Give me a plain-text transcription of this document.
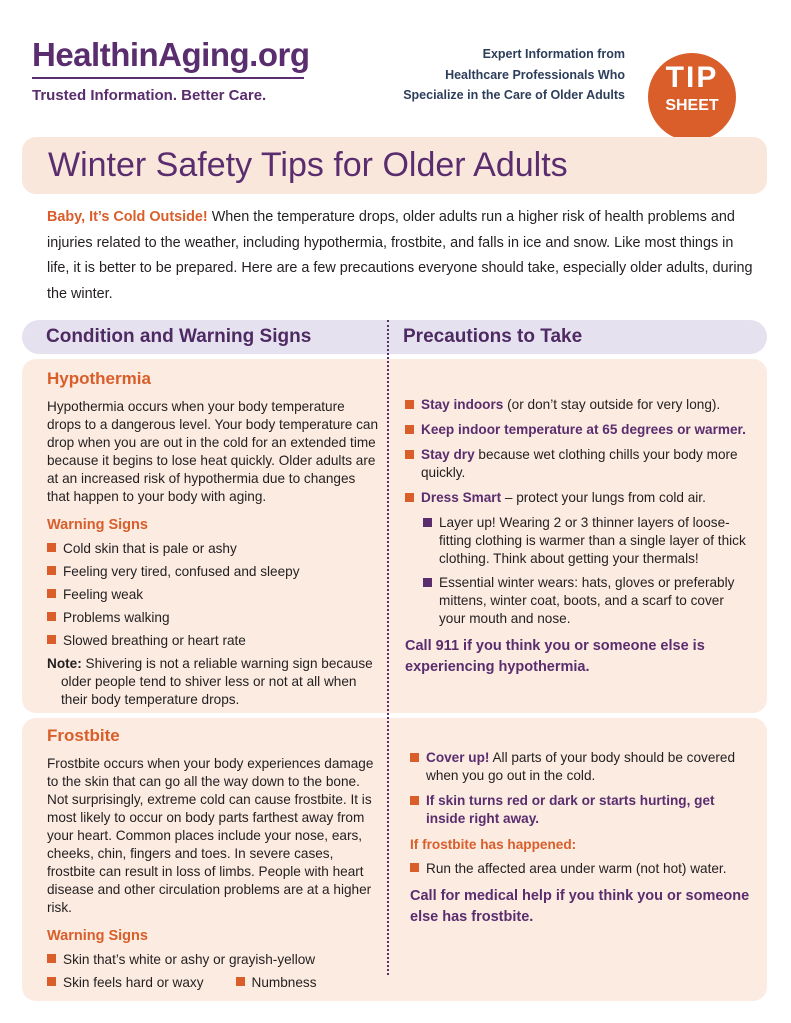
HealthinAging.org
Trusted Information. Better Care.
Expert Information from
Healthcare Professionals Who
Specialize in the Care of Older Adults
TIP
SHEET
Winter Safety Tips for Older Adults
Baby, It’s Cold Outside! When the temperature drops, older adults run a higher risk of health problems and injuries related to the weather, including hypothermia, frostbite, and falls in ice and snow. Like most things in life, it is better to be prepared. Here are a few precautions everyone should take, especially older adults, during the winter.
Condition and Warning Signs	Precautions to Take
Hypothermia

Hypothermia occurs when your body temperature drops to a dangerous level. Your body temperature can drop when you are out in the cold for an extended time because it begins to lose heat quickly. Older adults are at an increased risk of hypothermia due to changes that happen to your body with aging.

Warning Signs
Cold skin that is pale or ashy
Feeling very tired, confused and sleepy
Feeling weak
Problems walking
Slowed breathing or heart rate
Note: Shivering is not a reliable warning sign because older people tend to shiver less or not at all when their body temperature drops.
Stay indoors (or don’t stay outside for very long).
Keep indoor temperature at 65 degrees or warmer.
Stay dry because wet clothing chills your body more quickly.
Dress Smart – protect your lungs from cold air.
Layer up! Wearing 2 or 3 thinner layers of loose-fitting clothing is warmer than a single layer of thick clothing. Think about getting your thermals!
Essential winter wears: hats, gloves or preferably mittens, winter coat, boots, and a scarf to cover your mouth and nose.
Call 911 if you think you or someone else is experiencing hypothermia.
Frostbite

Frostbite occurs when your body experiences damage to the skin that can go all the way down to the bone. Not surprisingly, extreme cold can cause frostbite. It is most likely to occur on body parts farthest away from your heart. Common places include your nose, ears, cheeks, chin, fingers and toes. In severe cases, frostbite can result in loss of limbs. People with heart disease and other circulation problems are at a higher risk.

Warning Signs
Skin that’s white or ashy or grayish-yellow
Skin feels hard or waxy	Numbness
Cover up! All parts of your body should be covered when you go out in the cold.
If skin turns red or dark or starts hurting, get inside right away.
If frostbite has happened:
Run the affected area under warm (not hot) water.
Call for medical help if you think you or someone else has frostbite.
